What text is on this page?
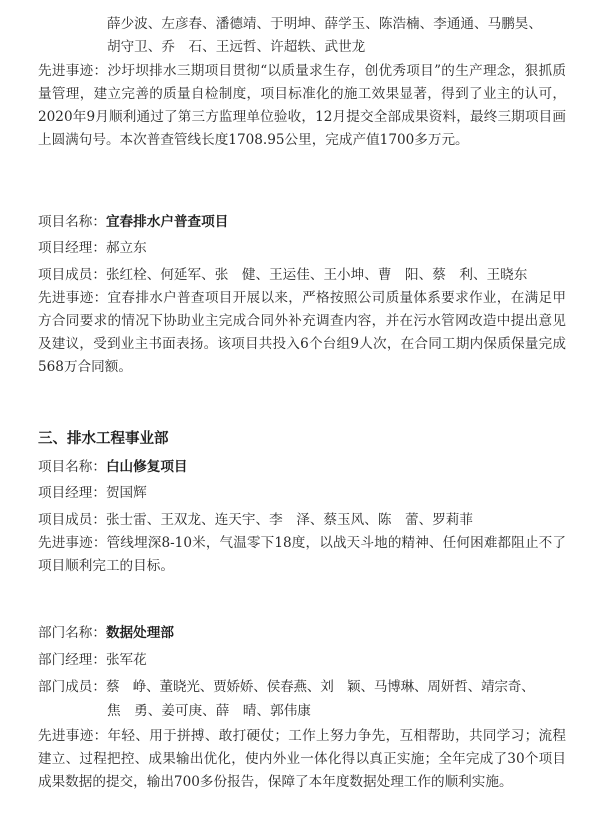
薛少波、左彦春、潘德靖、于明坤、薛学玉、陈浩楠、李通通、马鹏昊、
胡守卫、乔　石、王远哲、许超轶、武世龙
先进事迹：沙圩坝排水三期项目贯彻“以质量求生存，创优秀项目”的生产理念，狠抓质量管理，建立完善的质量自检制度，项目标准化的施工效果显著，得到了业主的认可，2020年9月顺利通过了第三方监理单位验收，12月提交全部成果资料，最终三期项目画上圆满句号。本次普查管线长度1708.95公里，完成产值1700多万元。
项目名称：宜春排水户普查项目
项目经理：郝立东
项目成员：张红栓、何延军、张　健、王运佳、王小坤、曹　阳、蔡　利、王晓东
先进事迹：宜春排水户普查项目开展以来，严格按照公司质量体系要求作业，在满足甲方合同要求的情况下协助业主完成合同外补充调查内容，并在污水管网改造中提出意见及建议，受到业主书面表扬。该项目共投入6个台组9人次，在合同工期内保质保量完成568万合同额。
三、排水工程事业部
项目名称：白山修复项目
项目经理：贺国辉
项目成员：张士雷、王双龙、连天宇、李　泽、蔡玉风、陈　蕾、罗莉菲
先进事迹：管线埋深8-10米，气温零下18度，以战天斗地的精神、任何困难都阻止不了项目顺利完工的目标。
部门名称：数据处理部
部门经理：张军花
部门成员：蔡　峥、董晓光、贾娇娇、侯春燕、刘　颖、马博琳、周妍哲、靖宗奇、
焦　勇、姜可庚、薛　晴、郭伟康
先进事迹：年轻、用于拼搏、敢打硬仗；工作上努力争先，互相帮助，共同学习；流程建立、过程把控、成果输出优化，使内外业一体化得以真正实施；全年完成了30个项目成果数据的提交，输出700多份报告，保障了本年度数据处理工作的顺利实施。
